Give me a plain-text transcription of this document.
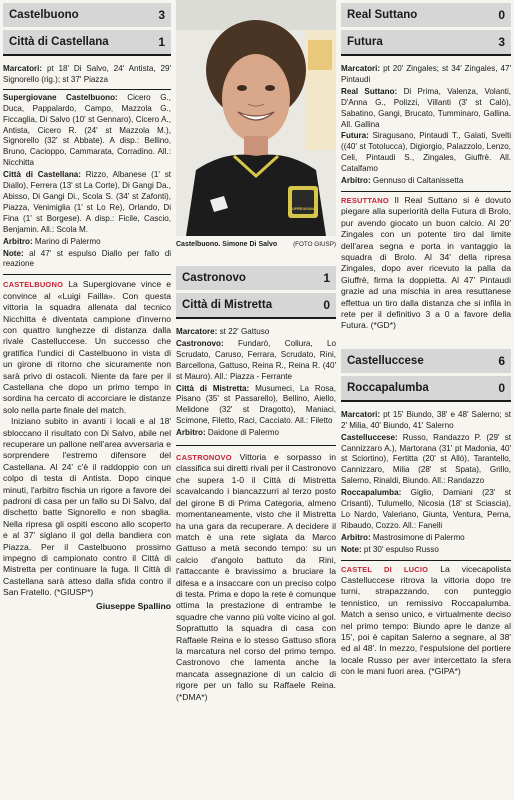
Castelbuono	3
Città di Castellana	1

Marcatori: pt 18' Di Salvo, 24' Antista, 29' Signorello (rig.); st 37' Piazza

Supergiovane Castelbuono: Cicero G., Duca, Pappalardo, Campo, Mazzola G., Ficcaglia, Di Salvo (10' st Gennaro), Cicero A., Antista, Cicero R. (24' st Mazzola M.), Signorello (32' st Abbate). A disp.: Bellino, Bruno, Cacioppo, Cammarata, Corradino. All.: Nicchitta

Città di Castellana: Rizzo, Albanese (1' st Diallo), Ferrera (13' st La Corte), Di Gangi Da., Abisso, Di Gangi Di., Scola S. (34' st Zafonti), Piazza, Venimiglia (1' st Lo Re), Orlando, Di Fina (1' st Borgese). A disp.: Ficile, Cascio, Benjamin. All.: Scola M.

Arbitro: Marino di Palermo

Note: al 47' st espulso Diallo per fallo di reazione

CASTELBUONO La Supergiovane vince e convince al «Luigi Failla». Con questa vittoria la squadra allenata dal tecnico Nicchitta è diventata campione d'inverno con quattro lunghezze di distanza dalla rivale Castelluccese. Un successo che gratifica l'undici di Castelbuono in vista di un girone di ritorno che sicuramente non sarà privo di ostacoli. Niente da fare per il Castellana che dopo un primo tempo in sordina ha cercato di accorciare le distanze solo nella parte finale del match.

Iniziano subito in avanti i locali e al 18' sbloccano il risultato con Di Salvo, abile nel recuperare un pallone nell'area avversaria e sorprendere l'estremo difensore del Castellana. Al 24' c'è il raddoppio con un colpo di testa di Antista. Dopo cinque minuti, l'arbitro fischia un rigore a favore dei padroni di casa per un fallo su Di Salvo, dal dischetto batte Signorello e non sbaglia. Nella ripresa gli ospiti escono allo scoperto e al 37' siglano il gol della bandiera con Piazza. Per il Castelbuono prossimo impegno di campionato contro il Città di Mistretta per continuare la fuga. Il Città di Castellana sarà atteso dalla sfida contro il San Fratello. (*GIUSP*)

Giuseppe Spallino
SUPERGIOVANE
Castelbuono. Simone Di Salvo	(FOTO GIUSP)
Castronovo	1
Città di Mistretta	0

Marcatore: st 22' Gattuso

Castronovo: Fundarò, Collura, Lo Scrudato, Caruso, Ferrara, Scrudato, Rini, Barcellona, Gattuso, Reina R., Reina R. (40' st Mauro). All.: Piazza - Ferrante

Città di Mistretta: Musumeci, La Rosa, Pisano (35' st Passarello), Bellino, Aiello, Melidone (32' st Dragotto), Maniaci, Scimone, Filetto, Raci, Cacciato. All.: Filetto

Arbitro: Daidone di Palermo

CASTRONOVO Vittoria e sorpasso in classifica sui diretti rivali per il Castronovo che supera 1-0 il Città di Mistretta scavalcando i biancazzurri al terzo posto del girone B di Prima Categoria, almeno momentaneamente, visto che il Mistretta ha una gara da recuperare. A decidere il match è una rete siglata da Marco Gattuso a metà secondo tempo: su un calcio d'angolo battuto da Rini, l'attaccante è bravissimo a bruciare la difesa e a insaccare con un preciso colpo di testa. Prima e dopo la rete è comunque ottima la prestazione di entrambe le squadre che vanno più volte vicino al gol. Soprattutto la squadra di casa con Raffaele Reina e lo stesso Gattuso sfiora la marcatura nel corso del primo tempo. Castronovo che lamenta anche la mancata assegnazione di un calcio di rigore per un fallo su Raffaele Reina. (*DMA*)

Real Suttano	0
Futura	3

Marcatori: pt 20' Zingales; st 34' Zingales, 47' Pintaudi

Real Suttano: Di Prima, Valenza, Volanti, D'Anna G., Polizzi, Villanti (3' st Calò), Sabatino, Gangi, Brucato, Tumminaro, Gallina. All. Gallina

Futura: Siragusano, Pintaudi T., Galati, Svelti ((40' st Totolucca), Digiorgio, Palazzolo, Lenzo, Celi, Pintaudi S., Zingales, Giuffrè. All. Catalfamo

Arbitro: Gennuso di Caltanissetta

RESUTTANO Il Real Suttano si è dovuto piegare alla superiorità della Futura di Brolo, pur avendo giocato un buon calcio. Al 20' Zingales con un potente tiro dal limite dell'area segna e porta in vantaggio la squadra di Brolo. Al 34' della ripresa Zingales, dopo aver ricevuto la palla da Giuffrè, firma la doppietta. Al 47' Pintaudi grazie ad una mischia in area resuttanese effettua un tiro dalla distanza che si infila in rete per il definitivo 3 a 0 a favore della Futura. (*GD*)

Castelluccese	6
Roccapalumba	0

Marcatori: pt 15' Biundo, 38' e 48' Salerno; st 2' Milia, 40' Biundo, 41' Salerno

Castelluccese: Russo, Randazzo P. (29' st Cannizzaro A.), Martorana (31' pt Madonia, 40' st Sciortino), Fertitta (20' st Allò), Tarantello, Cannizzaro, Milia (28' st Spata), Grillo, Salerno, Rinaldi, Biundo. All.: Randazzo

Roccapalumba: Giglio, Damiani (23' st Crisanti), Tulumello, Nicosia (18' st Sciascia), Lo Nardo, Valeriano, Giunta, Ventura, Perna, Ribaudo, Cozzo. All.: Fanelli

Arbitro: Mastrosimone di Palermo

Note: pt 30' espulso Russo

CASTEL DI LUCIO La vicecapolista Castelluccese ritrova la vittoria dopo tre turni, strapazzando, con punteggio tennistico, un remissivo Roccapalumba. Match a senso unico, e virtualmente deciso nel primo tempo: Biundo apre le danze al 15', poi è capitan Salerno a segnare, al 38' ed al 48'. In mezzo, l'espulsione del portiere locale Russo per aver intercettato la sfera con le mani fuori area. (*GIPA*)
